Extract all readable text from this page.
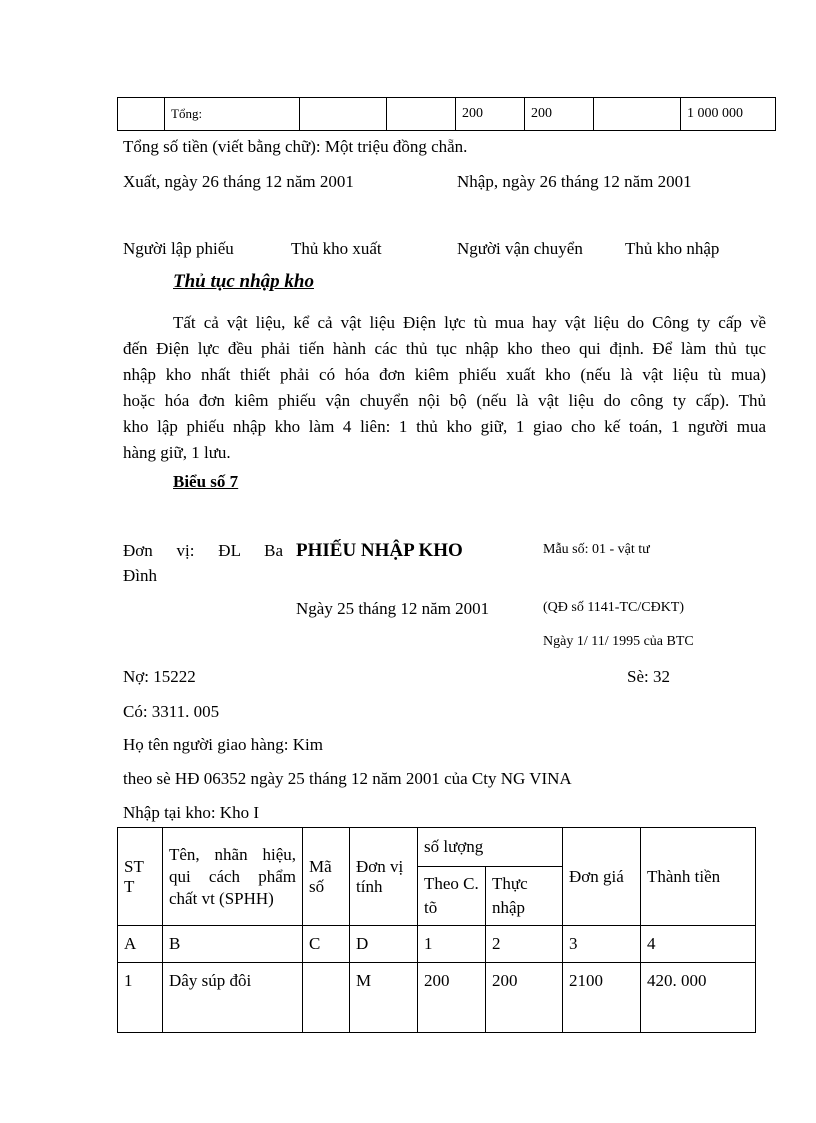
	Tổng:			200	200		1 000 000
Tổng số tiền (viết bằng chữ): Một triệu đồng chẵn.
Xuất, ngày 26 tháng 12 năm 2001	Nhập, ngày 26 tháng 12 năm 2001
Người lập phiếu	Thủ kho xuất	Người vận chuyển Thủ kho nhập
Thủ tục nhập kho
Tất cả vật liệu, kể cả vật liệu Điện lực tù mua hay vật liệu do Công ty cấp về
đến Điện lực đều phải tiến hành các thủ tục nhập kho theo qui định. Để làm thủ tục
nhập kho nhất thiết phải có hóa đơn kiêm phiếu xuất kho (nếu là vật liệu tù mua)
hoặc hóa đơn kiêm phiếu vận chuyển nội bộ (nếu là vật liệu do công ty cấp). Thủ
kho lập phiếu nhập kho làm 4 liên: 1 thủ kho giữ, 1 giao cho kế toán, 1 người mua
hàng giữ, 1 lưu.
Biểu số 7
Đơn vị: ĐL Ba
Đình
PHIẾU NHẬP KHO	Mẫu số: 01 - vật tư
Ngày 25 tháng 12 năm 2001	(QĐ số 1141-TC/CĐKT)
Ngày 1/ 11/ 1995 của BTC
Nợ: 15222	Sè: 32
Có: 3311. 005
Họ tên người giao hàng: Kim
theo sè HĐ 06352 ngày 25 tháng 12 năm 2001 của Cty NG VINA
Nhập tại kho: Kho I
ST T	Tên, nhãn hiệu, qui cách phẩm chất vt (SPHH)	Mã số	Đơn vị tính	số lượng		Đơn giá	Thành tiền
				Theo C. tõ	Thực nhập		
A	B	C	D	1	2	3	4
1	Dây súp đôi		M	200	200	2100	420. 000
